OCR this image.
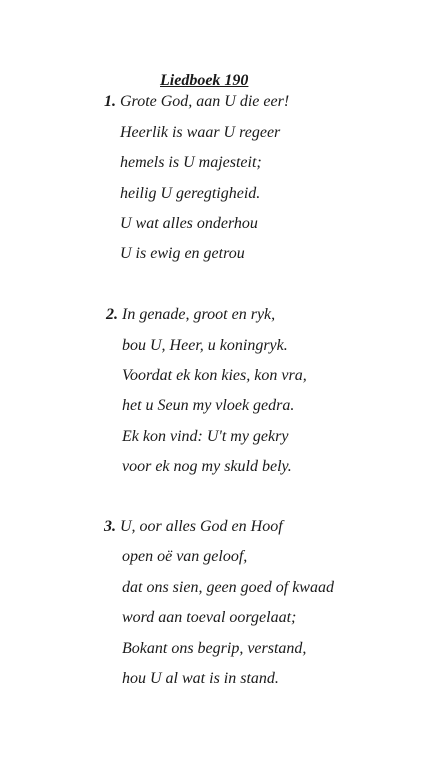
Liedboek 190
1. Grote God, aan U die eer!
Heerlik is waar U regeer
hemels is U majesteit;
heilig U geregtigheid.
U wat alles onderhou
U is ewig en getrou
2. In genade, groot en ryk,
bou U, Heer, u koningryk.
Voordat ek kon kies, kon vra,
het u Seun my vloek gedra.
Ek kon vind: U't my gekry
voor ek nog my skuld bely.
3. U, oor alles God en Hoof
open oë van geloof,
dat ons sien, geen goed of kwaad
word aan toeval oorgelaat;
Bokant ons begrip, verstand,
hou U al wat is in stand.
